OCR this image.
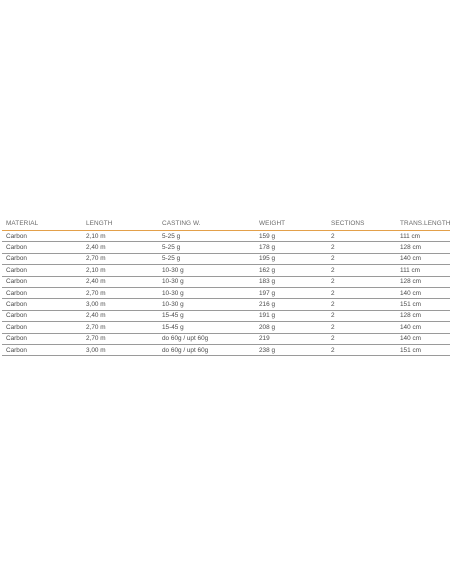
MATERIAL	LENGTH	CASTING W.	WEIGHT	SECTIONS	TRANS.LENGTH
Carbon	2,10 m	5-25 g	159 g	2	111 cm
Carbon	2,40 m	5-25 g	178 g	2	128 cm
Carbon	2,70 m	5-25 g	195 g	2	140 cm
Carbon	2,10 m	10-30 g	162 g	2	111 cm
Carbon	2,40 m	10-30 g	183 g	2	128 cm
Carbon	2,70 m	10-30 g	197 g	2	140 cm
Carbon	3,00 m	10-30 g	216 g	2	151 cm
Carbon	2,40 m	15-45 g	191 g	2	128 cm
Carbon	2,70 m	15-45 g	208 g	2	140 cm
Carbon	2,70 m	do 60g / upt 60g	219	2	140 cm
Carbon	3,00 m	do 60g / upt 60g	238 g	2	151 cm
